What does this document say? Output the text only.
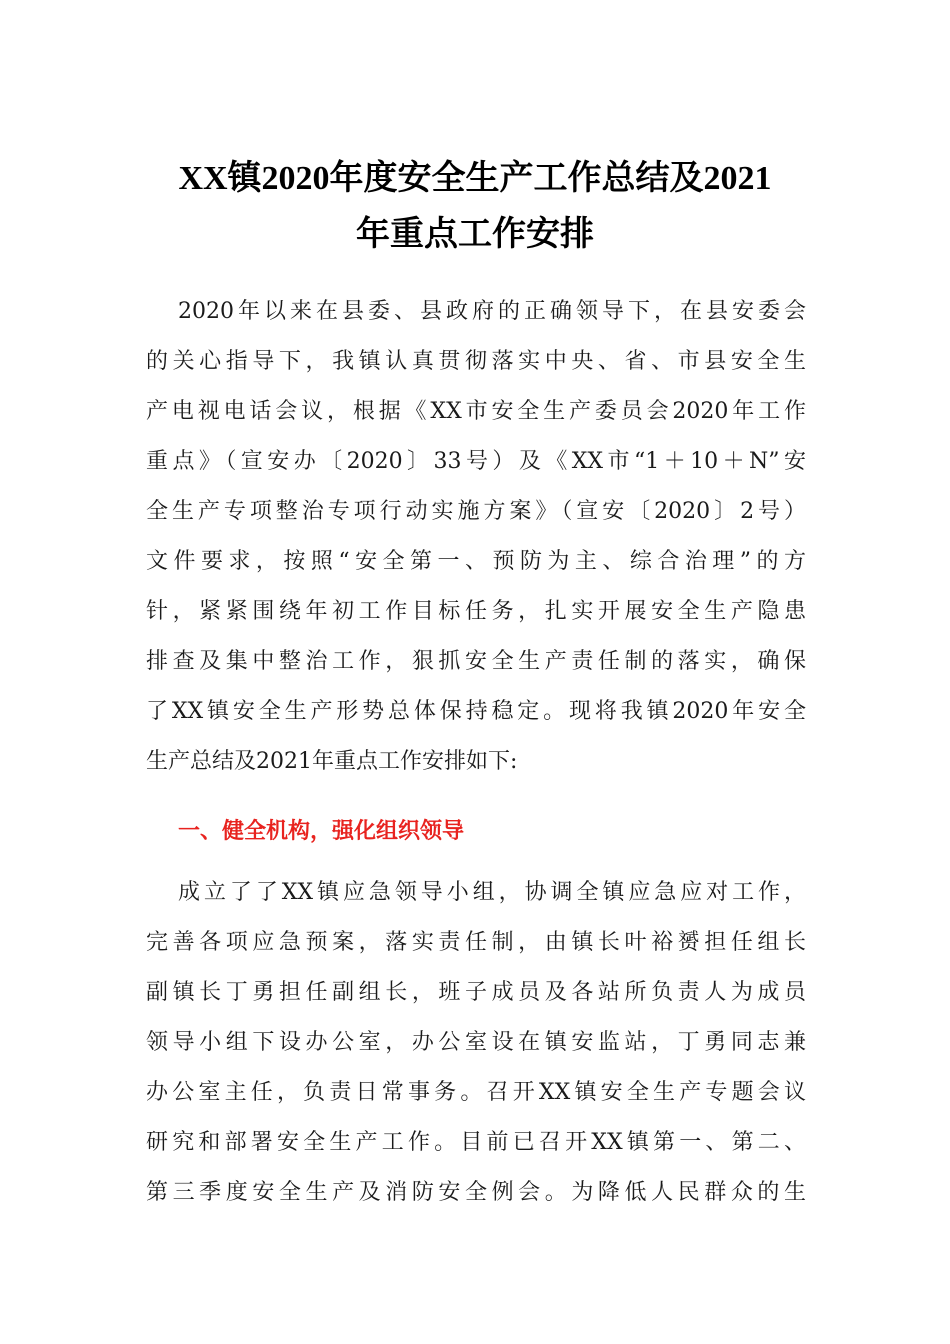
XX镇2020年度安全生产工作总结及2021
年重点工作安排
2020年以来在县委、县政府的正确领导下，在县安委会
的关心指导下，我镇认真贯彻落实中央、省、市县安全生
产电视电话会议，根据《XX市安全生产委员会2020年工作
重点》（宣安办〔2020〕33号）及《XX市“1＋10＋N”安
全生产专项整治专项行动实施方案》（宣安〔2020〕2号）
文件要求，按照“安全第一、预防为主、综合治理”的方
针，紧紧围绕年初工作目标任务，扎实开展安全生产隐患
排查及集中整治工作，狠抓安全生产责任制的落实，确保
了XX镇安全生产形势总体保持稳定。现将我镇2020年安全
生产总结及2021年重点工作安排如下:
一、健全机构，强化组织领导
成立了了XX镇应急领导小组，协调全镇应急应对工作，
完善各项应急预案，落实责任制，由镇长叶裕赟担任组长
副镇长丁勇担任副组长，班子成员及各站所负责人为成员
领导小组下设办公室，办公室设在镇安监站，丁勇同志兼
办公室主任，负责日常事务。召开XX镇安全生产专题会议
研究和部署安全生产工作。目前已召开XX镇第一、第二、
第三季度安全生产及消防安全例会。为降低人民群众的生
